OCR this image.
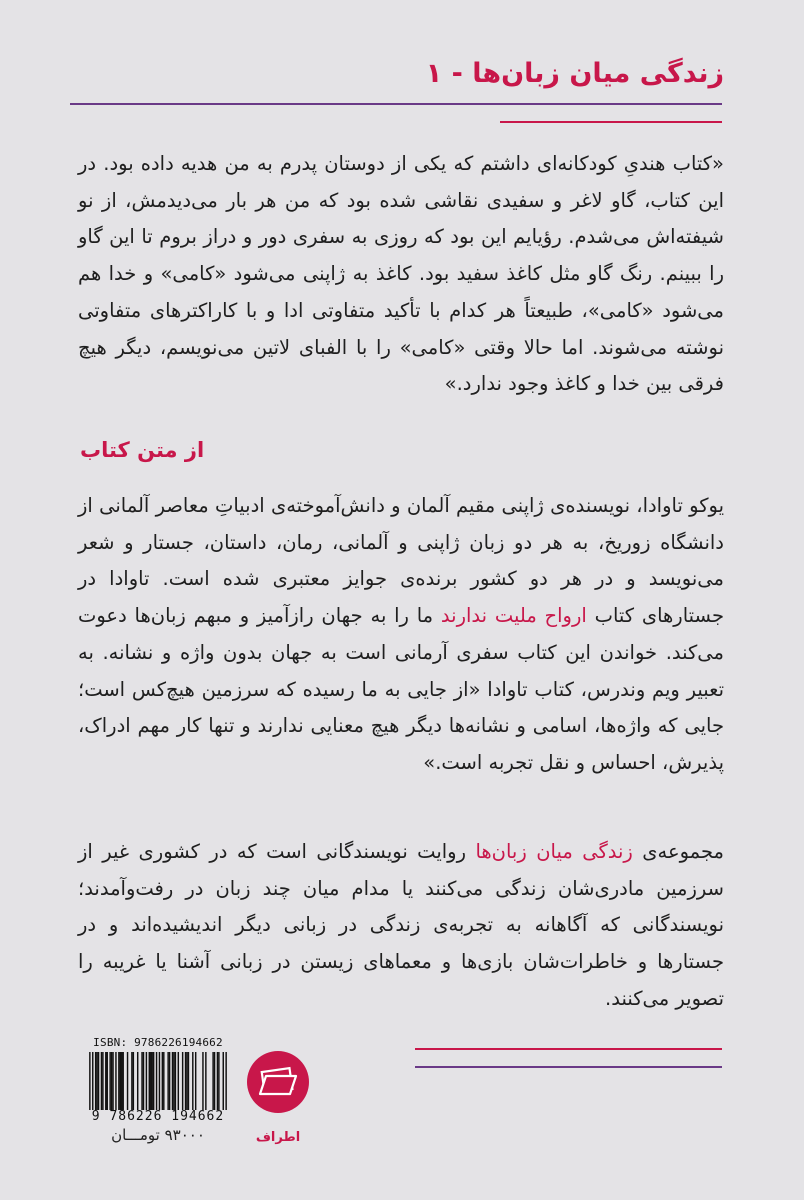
زندگی میان زبان‌ها - ۱

«کتاب هندیِ کودکانه‌ای داشتم که یکی از دوستان پدرم به من هدیه داده بود. در این کتاب، گاو لاغر و سفیدی نقاشی شده بود که من هر بار می‌دیدمش، از نو شیفته‌اش می‌شدم. رؤیایم این بود که روزی به سفری دور و دراز بروم تا این گاو را ببینم. رنگ گاو مثل کاغذ سفید بود. کاغذ به ژاپنی می‌شود «کامی» و خدا هم می‌شود «کامی»، طبیعتاً هر کدام با تأکید متفاوتی ادا و با کاراکترهای متفاوتی نوشته می‌شوند. اما حالا وقتی «کامی» را با الفبای لاتین می‌نویسم، دیگر هیچ فرقی بین خدا و کاغذ وجود ندارد.»

از متن کتاب

یوکو تاوادا، نویسنده‌ی ژاپنی مقیم آلمان و دانش‌آموخته‌ی ادبیاتِ معاصر آلمانی از دانشگاه زوریخ، به هر دو زبان ژاپنی و آلمانی، رمان، داستان، جستار و شعر می‌نویسد و در هر دو کشور برنده‌ی جوایز معتبری شده است. تاوادا در جستارهای کتاب ارواح ملیت ندارند ما را به جهان رازآمیز و مبهم زبان‌ها دعوت می‌کند. خواندن این کتاب سفری آرمانی است به جهان بدون واژه و نشانه. به تعبیر ویم وندرس، کتاب تاوادا «از جایی به ما رسیده که سرزمین هیچ‌کس است؛ جایی که واژه‌ها، اسامی و نشانه‌ها دیگر هیچ معنایی ندارند و تنها کار مهم ادراک، پذیرش، احساس و نقل تجربه است.»

مجموعه‌ی زندگی میان زبان‌ها روایت نویسندگانی است که در کشوری غیر از سرزمین مادری‌شان زندگی می‌کنند یا مدام میان چند زبان در رفت‌وآمدند؛ نویسندگانی که آگاهانه به تجربه‌ی زندگی در زبانی دیگر اندیشیده‌اند و در جستارها و خاطرات‌شان بازی‌ها و معماهای زیستن در زبانی آشنا یا غریبه را تصویر می‌کنند.

ISBN: 9786226194662
9 786226 194662
۹۳۰۰۰ تومـــان	اطراف
